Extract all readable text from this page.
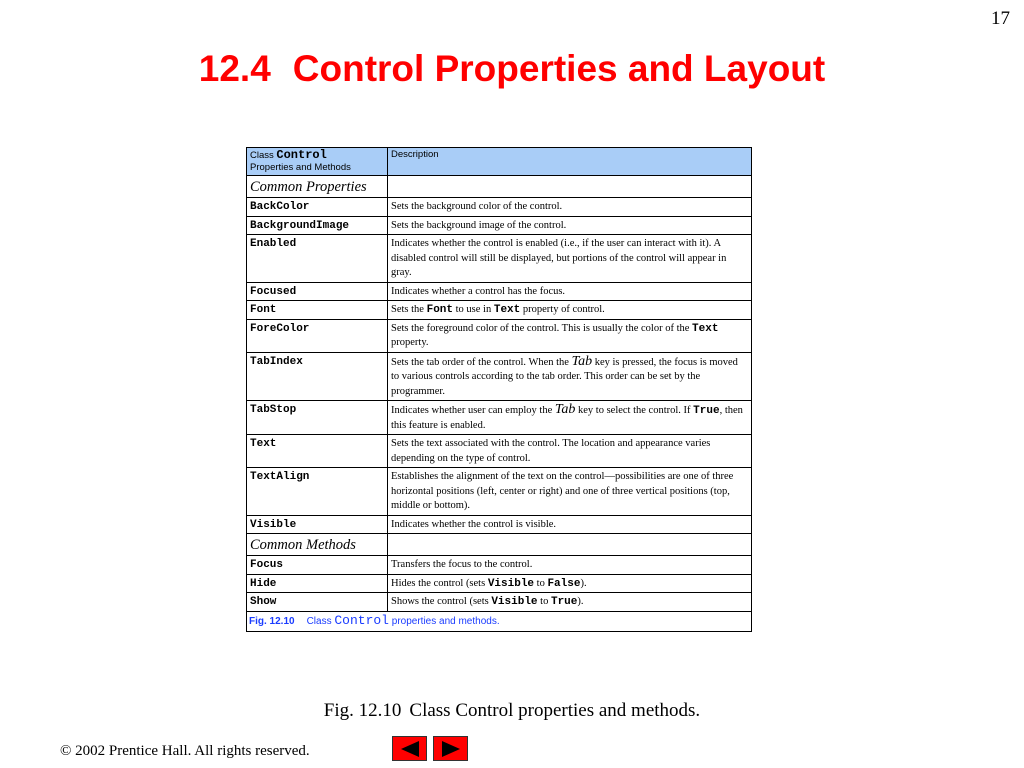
17
12.4 Control Properties and Layout
Class Control
Properties and Methods	Description
Common Properties	
BackColor	Sets the background color of the control.
BackgroundImage	Sets the background image of the control.
Enabled	Indicates whether the control is enabled (i.e., if the user can interact with it). A disabled control will still be displayed, but portions of the control will appear in gray.
Focused	Indicates whether a control has the focus.
Font	Sets the Font to use in Text property of control.
ForeColor	Sets the foreground color of the control. This is usually the color of the Text property.
TabIndex	Sets the tab order of the control. When the Tab key is pressed, the focus is moved to various controls according to the tab order. This order can be set by the programmer.
TabStop	Indicates whether user can employ the Tab key to select the control. If True, then this feature is enabled.
Text	Sets the text associated with the control. The location and appearance varies depending on the type of control.
TextAlign	Establishes the alignment of the text on the control—possibilities are one of three horizontal positions (left, center or right) and one of three vertical positions (top, middle or bottom).
Visible	Indicates whether the control is visible.
Common Methods	
Focus	Transfers the focus to the control.
Hide	Hides the control (sets Visible to False).
Show	Shows the control (sets Visible to True).
Fig. 12.10 Class Control properties and methods.	
Fig. 12.10 Class Control properties and methods.
© 2002 Prentice Hall. All rights reserved.
